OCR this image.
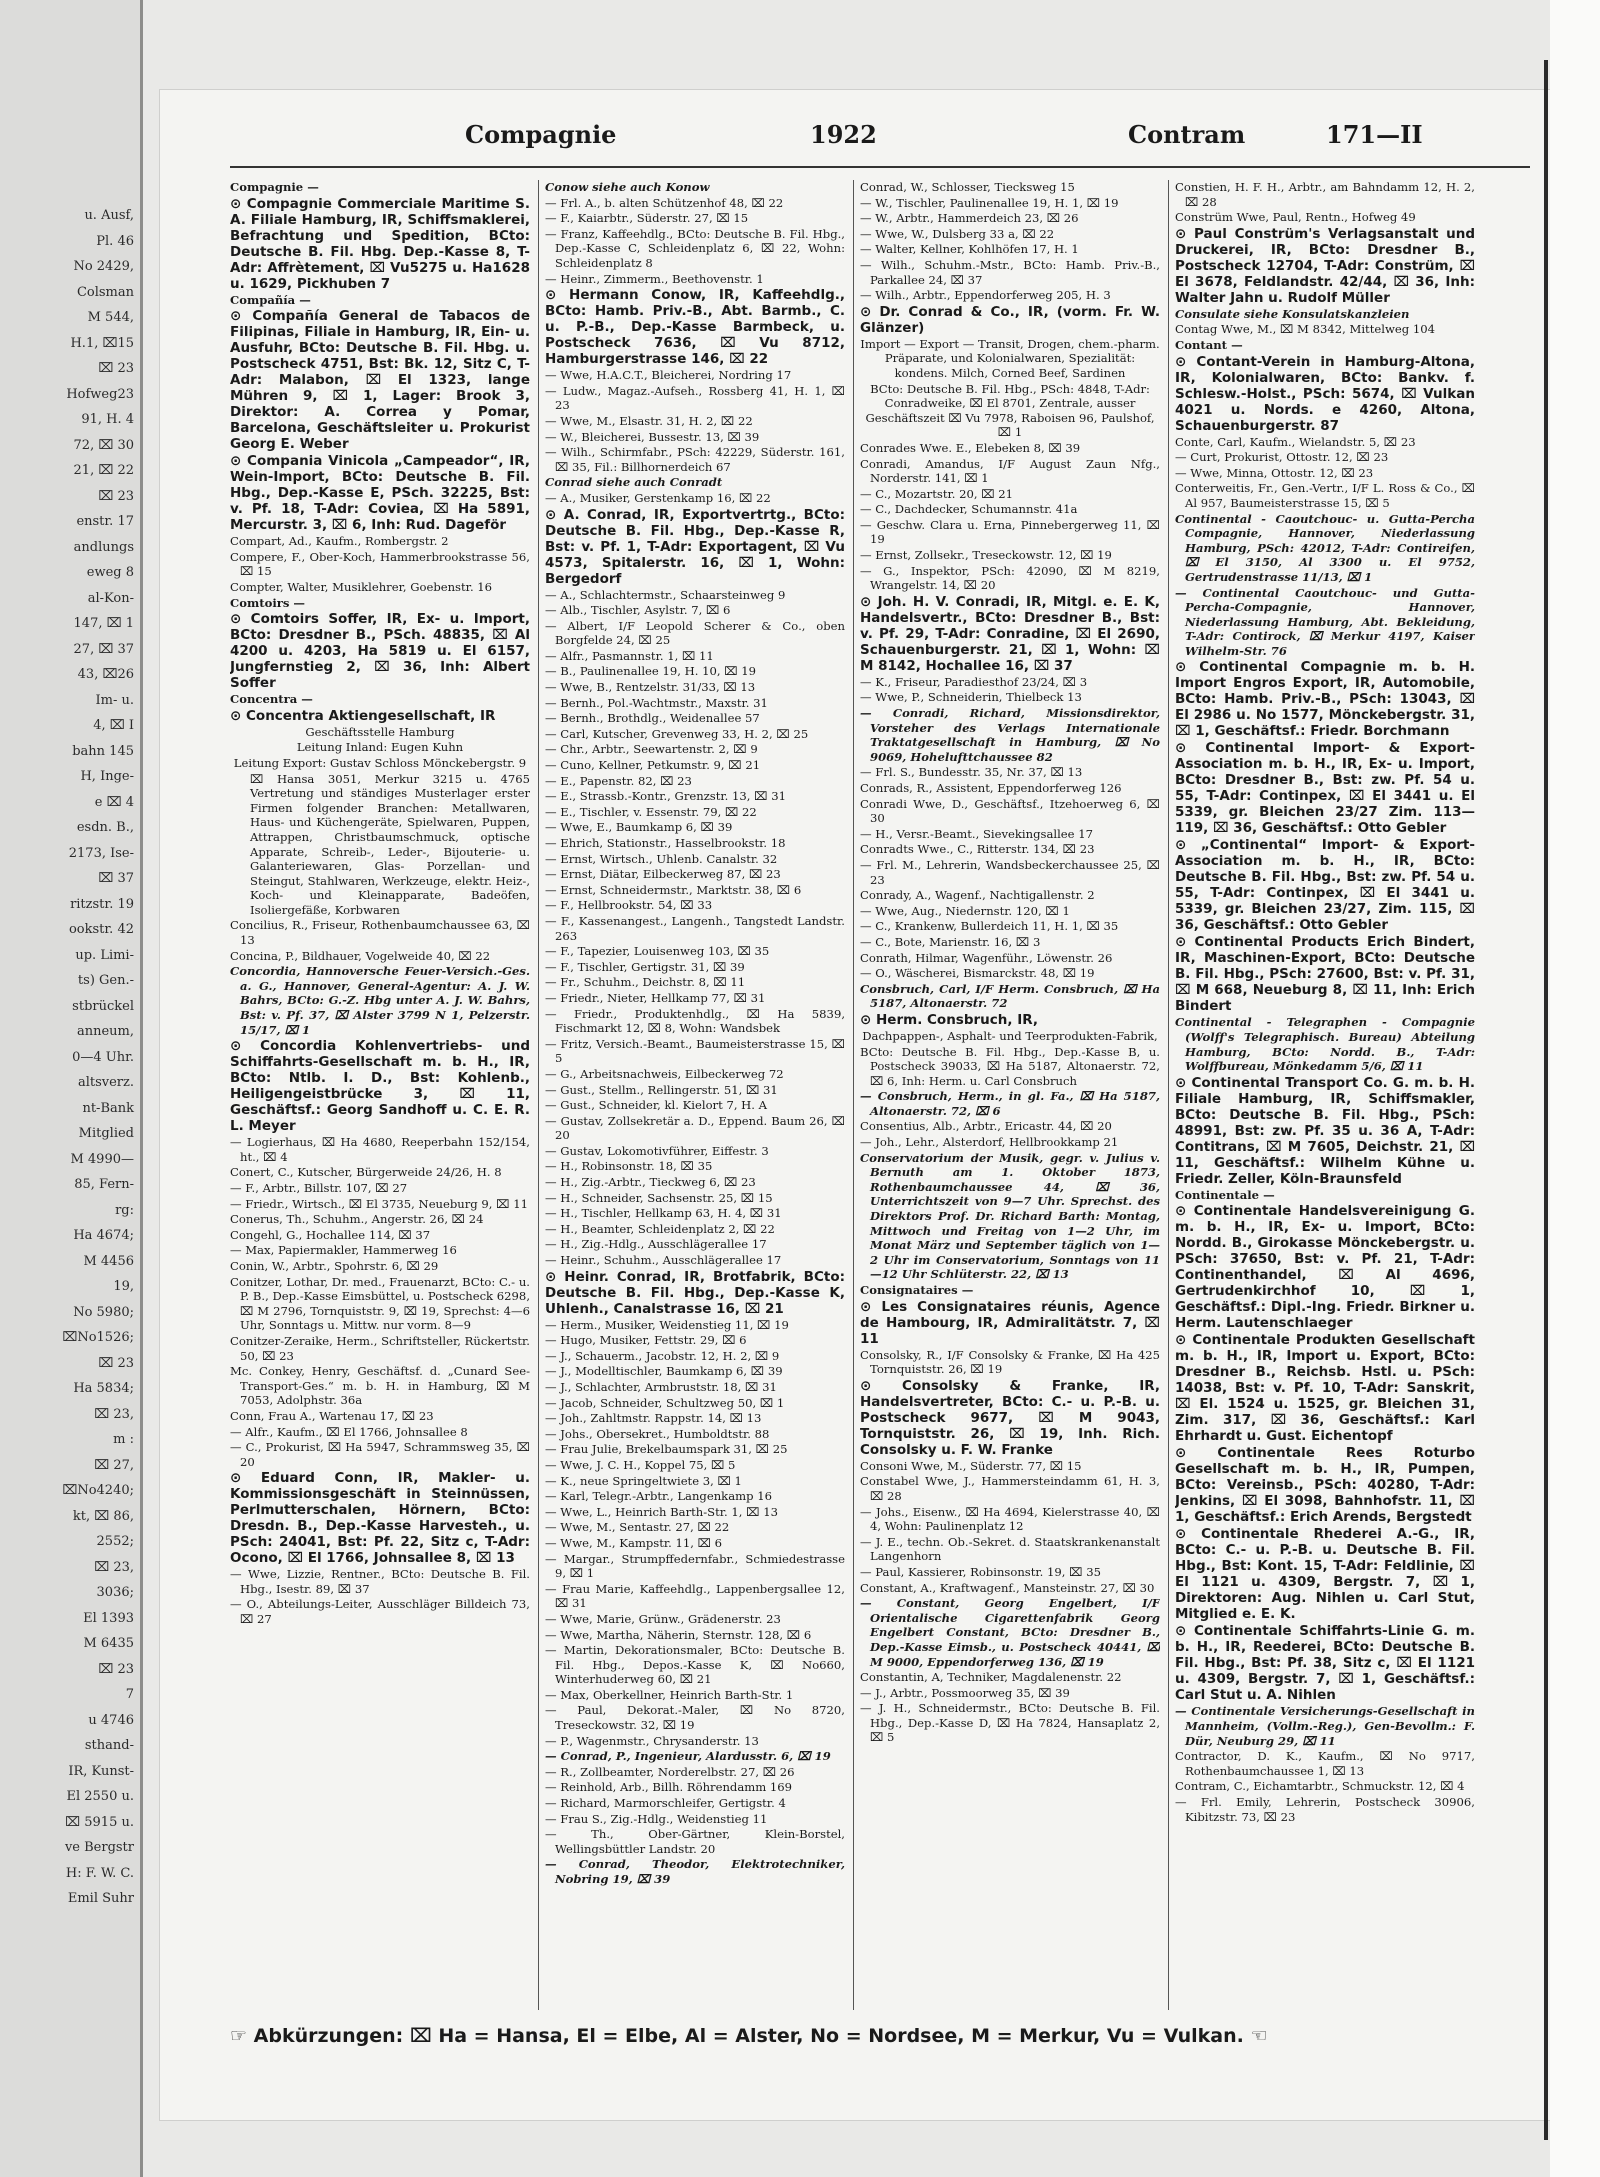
u. Ausf,
Pl. 46
No 2429,
Colsman
M 544,
H.1, ⌧15
⌧ 23
Hofweg23
91, H. 4
72, ⌧ 30
21, ⌧ 22
⌧ 23
enstr. 17
andlungs
eweg 8
al-Kon-
147, ⌧ 1
27, ⌧ 37
43, ⌧26
Im- u.
4, ⌧ I
bahn 145
H, Inge-
e ⌧ 4
esdn. B.,
2173, Ise-
⌧ 37
ritzstr. 19
ookstr. 42
up. Limi-
ts) Gen.-
stbrückel
anneum,
0—4 Uhr.
altsverz.
nt-Bank
Mitglied
M 4990—
85, Fern-
rg:
Ha 4674;
M 4456
19,
No 5980;
⌧No1526;
⌧ 23
Ha 5834;
⌧ 23,
m :
⌧ 27,
⌧No4240;
kt, ⌧ 86,
2552;
⌧ 23,
3036;
El 1393
M 6435
⌧ 23
7
u 4746
sthand-
IR, Kunst-
El 2550 u.
⌧ 5915 u.
ve Bergstr
H: F. W. C.
Emil Suhr
Compagnie	1922	Contram	171—II
Compagnie —
⊙ Compagnie Commerciale Maritime S. A. Filiale Hamburg, IR, Schiffsmaklerei, Befrachtung und Spedition, BCto: Deutsche B. Fil. Hbg. Dep.-Kasse 8, T-Adr: Affrètement, ⌧ Vu5275 u. Ha1628 u. 1629, Pickhuben 7
Compañía —
⊙ Compañía General de Tabacos de Filipinas, Filiale in Hamburg, IR, Ein- u. Ausfuhr, BCto: Deutsche B. Fil. Hbg. u. Postscheck 4751, Bst: Bk. 12, Sitz C, T-Adr: Malabon, ⌧ El 1323, lange Mühren 9, ⌧ 1, Lager: Brook 3, Direktor: A. Correa y Pomar, Barcelona, Geschäftsleiter u. Prokurist Georg E. Weber
⊙ Compania Vinicola „Campeador“, IR, Wein-Import, BCto: Deutsche B. Fil. Hbg., Dep.-Kasse E, PSch. 32225, Bst: v. Pf. 18, T-Adr: Coviea, ⌧ Ha 5891, Mercurstr. 3, ⌧ 6, Inh: Rud. Dageför
Compart, Ad., Kaufm., Rombergstr. 2
Compere, F., Ober-Koch, Hammerbrookstrasse 56, ⌧ 15
Compter, Walter, Musiklehrer, Goebenstr. 16
Comtoirs —
⊙ Comtoirs Soffer, IR, Ex- u. Import, BCto: Dresdner B., PSch. 48835, ⌧ Al 4200 u. 4203, Ha 5819 u. El 6157, Jungfernstieg 2, ⌧ 36, Inh: Albert Soffer
Concentra —
⊙ Concentra Aktiengesellschaft, IR
Geschäftsstelle Hamburg
Leitung Inland: Eugen Kuhn
Leitung Export: Gustav Schloss Mönckebergstr. 9
⌧ Hansa 3051, Merkur 3215 u. 4765 Vertretung und ständiges Musterlager erster Firmen folgender Branchen: Metallwaren, Haus- und Küchengeräte, Spielwaren, Puppen, Attrappen, Christbaumschmuck, optische Apparate, Schreib-, Leder-, Bijouterie- u. Galanteriewaren, Glas- Porzellan- und Steingut, Stahlwaren, Werkzeuge, elektr. Heiz-, Koch- und Kleinapparate, Badeöfen, Isoliergefäße, Korbwaren
Concilius, R., Friseur, Rothenbaumchaussee 63, ⌧ 13
Concina, P., Bildhauer, Vogelweide 40, ⌧ 22
Concordia, Hannoversche Feuer-Versich.-Ges. a. G., Hannover, General-Agentur: A. J. W. Bahrs, BCto: G.-Z. Hbg unter A. J. W. Bahrs, Bst: v. Pf. 37, ⌧ Alster 3799 N 1, Pelzerstr. 15/17, ⌧ 1
⊙ Concordia Kohlenvertriebs- und Schiffahrts-Gesellschaft m. b. H., IR, BCto: Ntlb. I. D., Bst: Kohlenb., Heiligengeistbrücke 3, ⌧ 11, Geschäftsf.: Georg Sandhoff u. C. E. R. L. Meyer
— Logierhaus, ⌧ Ha 4680, Reeperbahn 152/154, ht., ⌧ 4
Conert, C., Kutscher, Bürgerweide 24/26, H. 8
— F., Arbtr., Billstr. 107, ⌧ 27
— Friedr., Wirtsch., ⌧ El 3735, Neueburg 9, ⌧ 11
Conerus, Th., Schuhm., Angerstr. 26, ⌧ 24
Congehl, G., Hochallee 114, ⌧ 37
— Max, Papiermakler, Hammerweg 16
Conin, W., Arbtr., Spohrstr. 6, ⌧ 29
Conitzer, Lothar, Dr. med., Frauenarzt, BCto: C.- u. P. B., Dep.-Kasse Eimsbüttel, u. Postscheck 6298, ⌧ M 2796, Tornquiststr. 9, ⌧ 19, Sprechst: 4—6 Uhr, Sonntags u. Mittw. nur vorm. 8—9
Conitzer-Zeraike, Herm., Schriftsteller, Rückertstr. 50, ⌧ 23
Mc. Conkey, Henry, Geschäftsf. d. „Cunard See-Transport-Ges.“ m. b. H. in Hamburg, ⌧ M 7053, Adolphstr. 36a
Conn, Frau A., Wartenau 17, ⌧ 23
— Alfr., Kaufm., ⌧ El 1766, Johnsallee 8
— C., Prokurist, ⌧ Ha 5947, Schrammsweg 35, ⌧ 20
⊙ Eduard Conn, IR, Makler- u. Kommissionsgeschäft in Steinnüssen, Perlmutterschalen, Hörnern, BCto: Dresdn. B., Dep.-Kasse Harvestеh., u. PSch: 24041, Bst: Pf. 22, Sitz c, T-Adr: Ocono, ⌧ El 1766, Johnsallee 8, ⌧ 13
— Wwe, Lizzie, Rentner., BCto: Deutsche B. Fil. Hbg., Isestr. 89, ⌧ 37
— O., Abteilungs-Leiter, Ausschläger Billdeich 73, ⌧ 27
Conow siehe auch Konow
— Frl. A., b. alten Schützenhof 48, ⌧ 22
— F., Kaiarbtr., Süderstr. 27, ⌧ 15
— Franz, Kaffeehdlg., BCto: Deutsche B. Fil. Hbg., Dep.-Kasse C, Schleidenplatz 6, ⌧ 22, Wohn: Schleidenplatz 8
— Heinr., Zimmerm., Beethovenstr. 1
⊙ Hermann Conow, IR, Kaffeehdlg., BCto: Hamb. Priv.-B., Abt. Barmb., C. u. P.-B., Dep.-Kasse Barmbeck, u. Postscheck 7636, ⌧ Vu 8712, Hamburgerstrasse 146, ⌧ 22
— Wwe, H.A.C.T., Bleicherei, Nordring 17
— Ludw., Magaz.-Aufseh., Rossberg 41, H. 1, ⌧ 23
— Wwe, M., Elsastr. 31, H. 2, ⌧ 22
— W., Bleicherei, Bussestr. 13, ⌧ 39
— Wilh., Schirmfabr., PSch: 42229, Süderstr. 161, ⌧ 35, Fil.: Billhornerdeich 67
Conrad siehe auch Conradt
— A., Musiker, Gerstenkamp 16, ⌧ 22
⊙ A. Conrad, IR, Exportvertrtg., BCto: Deutsche B. Fil. Hbg., Dep.-Kasse R, Bst: v. Pf. 1, T-Adr: Exportagent, ⌧ Vu 4573, Spitalerstr. 16, ⌧ 1, Wohn: Bergedorf
— A., Schlachtermstr., Schaarsteinweg 9
— Alb., Tischler, Asylstr. 7, ⌧ 6
— Albert, I/F Leopold Scherer & Co., oben Borgfelde 24, ⌧ 25
— Alfr., Pasmannstr. 1, ⌧ 11
— B., Paulinenallee 19, H. 10, ⌧ 19
— Wwe, B., Rentzelstr. 31/33, ⌧ 13
— Bernh., Pol.-Wachtmstr., Maxstr. 31
— Bernh., Brothdlg., Weidenallee 57
— Carl, Kutscher, Grevenweg 33, H. 2, ⌧ 25
— Chr., Arbtr., Seewartenstr. 2, ⌧ 9
— Cuno, Kellner, Petkumstr. 9, ⌧ 21
— E., Papenstr. 82, ⌧ 23
— E., Strassb.-Kontr., Grenzstr. 13, ⌧ 31
— E., Tischler, v. Essenstr. 79, ⌧ 22
— Wwe, E., Baumkamp 6, ⌧ 39
— Ehrich, Stationstr., Hasselbrookstr. 18
— Ernst, Wirtsch., Uhlenb. Canalstr. 32
— Ernst, Diätar, Eilbeckerweg 87, ⌧ 23
— Ernst, Schneidermstr., Marktstr. 38, ⌧ 6
— F., Hellbrookstr. 54, ⌧ 33
— F., Kassenangest., Langenh., Tangstedt Landstr. 263
— F., Tapezier, Louisenweg 103, ⌧ 35
— F., Tischler, Gertigstr. 31, ⌧ 39
— Fr., Schuhm., Deichstr. 8, ⌧ 11
— Friedr., Nieter, Hellkamp 77, ⌧ 31
— Friedr., Produktenhdlg., ⌧ Ha 5839, Fischmarkt 12, ⌧ 8, Wohn: Wandsbek
— Fritz, Versich.-Beamt., Baumeisterstrasse 15, ⌧ 5
— G., Arbeitsnachweis, Eilbeckerweg 72
— Gust., Stellm., Rellingerstr. 51, ⌧ 31
— Gust., Schneider, kl. Kielort 7, H. A
— Gustav, Zollsekretär a. D., Eppend. Baum 26, ⌧ 20
— Gustav, Lokomotivführer, Eiffestr. 3
— H., Robinsonstr. 18, ⌧ 35
— H., Zig.-Arbtr., Tieckweg 6, ⌧ 23
— H., Schneider, Sachsenstr. 25, ⌧ 15
— H., Tischler, Hellkamp 63, H. 4, ⌧ 31
— H., Beamter, Schleidenplatz 2, ⌧ 22
— H., Zig.-Hdlg., Ausschlägerallee 17
— Heinr., Schuhm., Ausschlägerallee 17
⊙ Heinr. Conrad, IR, Brotfabrik, BCto: Deutsche B. Fil. Hbg., Dep.-Kasse K, Uhlenh., Canalstrasse 16, ⌧ 21
— Herm., Musiker, Weidenstieg 11, ⌧ 19
— Hugo, Musiker, Fettstr. 29, ⌧ 6
— J., Schauerm., Jacobstr. 12, H. 2, ⌧ 9
— J., Modelltischler, Baumkamp 6, ⌧ 39
— J., Schlachter, Armbruststr. 18, ⌧ 31
— Jacob, Schneider, Schultzweg 50, ⌧ 1
— Joh., Zahltmstr. Rappstr. 14, ⌧ 13
— Johs., Obersekret., Humboldtstr. 88
— Frau Julie, Brekelbaumspark 31, ⌧ 25
— Wwe, J. C. H., Koppel 75, ⌧ 5
— K., neue Springeltwiete 3, ⌧ 1
— Karl, Telegr.-Arbtr., Langenkamp 16
— Wwe, L., Heinrich Barth-Str. 1, ⌧ 13
— Wwe, M., Sentastr. 27, ⌧ 22
— Wwe, M., Kampstr. 11, ⌧ 6
— Margar., Strumpffedernfabr., Schmiedestrasse 9, ⌧ 1
— Frau Marie, Kaffeehdlg., Lappenbergsallee 12, ⌧ 31
— Wwe, Marie, Grünw., Grädenerstr. 23
— Wwe, Martha, Näherin, Sternstr. 128, ⌧ 6
— Martin, Dekorationsmaler, BCto: Deutsche B. Fil. Hbg., Depos.-Kasse K, ⌧ No660, Winterhuderweg 60, ⌧ 21
— Max, Oberkellner, Heinrich Barth-Str. 1
— Paul, Dekorat.-Maler, ⌧ No 8720, Treseckowstr. 32, ⌧ 19
— P., Wagenmstr., Chrysanderstr. 13
— Conrad, P., Ingenieur, Alardusstr. 6, ⌧ 19
— R., Zollbeamter, Norderelbstr. 27, ⌧ 26
— Reinhold, Arb., Billh. Röhrendamm 169
— Richard, Marmorschleifer, Gertigstr. 4
— Frau S., Zig.-Hdlg., Weidenstieg 11
— Th., Ober-Gärtner, Klein-Borstel, Wellingsbüttler Landstr. 20
— Conrad, Theodor, Elektrotechniker, Nobring 19, ⌧ 39
Conrad, W., Schlosser, Tiecksweg 15
— W., Tischler, Paulinenallee 19, H. 1, ⌧ 19
— W., Arbtr., Hammerdeich 23, ⌧ 26
— Wwe, W., Dulsberg 33 a, ⌧ 22
— Walter, Kellner, Kohlhöfen 17, H. 1
— Wilh., Schuhm.-Mstr., BCto: Hamb. Priv.-B., Parkallee 24, ⌧ 37
— Wilh., Arbtr., Eppendorferweg 205, H. 3
⊙ Dr. Conrad & Co., IR, (vorm. Fr. W. Glänzer)
Import — Export — Transit, Drogen, chem.-pharm. Präparate, und Kolonialwaren, Spezialität: kondens. Milch, Corned Beef, Sardinen
BCto: Deutsche B. Fil. Hbg., PSch: 4848, T-Adr: Conradweike, ⌧ El 8701, Zentrale, ausser Geschäftszeit ⌧ Vu 7978, Raboisen 96, Paulshof, ⌧ 1
Conrades Wwe. E., Elebeken 8, ⌧ 39
Conradi, Amandus, I/F August Zaun Nfg., Norderstr. 141, ⌧ 1
— C., Mozartstr. 20, ⌧ 21
— C., Dachdecker, Schumannstr. 41a
— Geschw. Clara u. Erna, Pinnebergerweg 11, ⌧ 19
— Ernst, Zollsekr., Treseckowstr. 12, ⌧ 19
— G., Inspektor, PSch: 42090, ⌧ M 8219, Wrangelstr. 14, ⌧ 20
⊙ Joh. H. V. Conradi, IR, Mitgl. e. E. K, Handelsvertr., BCto: Dresdner B., Bst: v. Pf. 29, T-Adr: Conradine, ⌧ El 2690, Schauenburgerstr. 21, ⌧ 1, Wohn: ⌧ M 8142, Hochallee 16, ⌧ 37
— K., Friseur, Paradiesthof 23/24, ⌧ 3
— Wwe, P., Schneiderin, Thielbeck 13
— Conradi, Richard, Missionsdirektor, Vorsteher des Verlags Internationale Traktatgesellschaft in Hamburg, ⌧ No 9069, Hohelufttchaussee 82
— Frl. S., Bundesstr. 35, Nr. 37, ⌧ 13
Conrads, R., Assistent, Eppendorferweg 126
Conradi Wwe, D., Geschäftsf., Itzehoerweg 6, ⌧ 30
— H., Versr.-Beamt., Sievekingsallee 17
Conradts Wwe., C., Ritterstr. 134, ⌧ 23
— Frl. M., Lehrerin, Wandsbeckerchaussee 25, ⌧ 23
Conrady, A., Wagenf., Nachtigallenstr. 2
— Wwe, Aug., Niedernstr. 120, ⌧ 1
— C., Krankenw, Bullerdeich 11, H. 1, ⌧ 35
— C., Bote, Marienstr. 16, ⌧ 3
Conrath, Hilmar, Wagenführ., Löwenstr. 26
— O., Wäscherei, Bismarckstr. 48, ⌧ 19
Consbruch, Carl, I/F Herm. Consbruch, ⌧ Ha 5187, Altonaerstr. 72
⊙ Herm. Consbruch, IR,
Dachpappen-, Asphalt- und Teerprodukten-Fabrik,
BCto: Deutsche B. Fil. Hbg., Dep.-Kasse B, u. Postscheck 39033, ⌧ Ha 5187, Altonaerstr. 72, ⌧ 6, Inh: Herm. u. Carl Consbruch
— Consbruch, Herm., in gl. Fa., ⌧ Ha 5187, Altonaerstr. 72, ⌧ 6
Consentius, Alb., Arbtr., Ericastr. 44, ⌧ 20
— Joh., Lehr., Alsterdorf, Hellbrookkamp 21
Conservatorium der Musik, gegr. v. Julius v. Bernuth am 1. Oktober 1873, Rothenbaumchaussee 44, ⌧ 36, Unterrichtszeit von 9—7 Uhr. Sprechst. des Direktors Prof. Dr. Richard Barth: Montag, Mittwoch und Freitag von 1—2 Uhr, im Monat März und September täglich von 1—2 Uhr im Conservatorium, Sonntags von 11—12 Uhr Schlüterstr. 22, ⌧ 13
Consignataires —
⊙ Les Consignataires réunis, Agence de Hambourg, IR, Admiralitätstr. 7, ⌧ 11
Consolsky, R., I/F Consolsky & Franke, ⌧ Ha 425 Tornquiststr. 26, ⌧ 19
⊙ Consolsky & Franke, IR, Handelsvertreter, BCto: C.- u. P.-B. u. Postscheck 9677, ⌧ M 9043, Tornquiststr. 26, ⌧ 19, Inh. Rich. Consolsky u. F. W. Franke
Consoni Wwe, M., Süderstr. 77, ⌧ 15
Constabel Wwe, J., Hammersteindamm 61, H. 3, ⌧ 28
— Johs., Eisenw., ⌧ Ha 4694, Kielerstrasse 40, ⌧ 4, Wohn: Paulinenplatz 12
— J. E., techn. Ob.-Sekret. d. Staatskrankenanstalt Langenhorn
— Paul, Kassierer, Robinsonstr. 19, ⌧ 35
Constant, A., Kraftwagenf., Mansteinstr. 27, ⌧ 30
— Constant, Georg Engelbert, I/F Orientalische Cigarettenfabrik Georg Engelbert Constant, BCto: Dresdner B., Dep.-Kasse Eimsb., u. Postscheck 40441, ⌧ M 9000, Eppendorferweg 136, ⌧ 19
Constantin, A, Techniker, Magdalenenstr. 22
— J., Arbtr., Possmoorweg 35, ⌧ 39
— J. H., Schneidermstr., BCto: Deutsche B. Fil. Hbg., Dep.-Kasse D, ⌧ Ha 7824, Hansaplatz 2, ⌧ 5
Constien, H. F. H., Arbtr., am Bahndamm 12, H. 2, ⌧ 28
Constrüm Wwe, Paul, Rentn., Hofweg 49
⊙ Paul Constrüm's Verlagsanstalt und Druckerei, IR, BCto: Dresdner B., Postscheck 12704, T-Adr: Constrüm, ⌧ El 3678, Feldlandstr. 42/44, ⌧ 36, Inh: Walter Jahn u. Rudolf Müller
Consulate siehe Konsulatskanzleien
Contag Wwe, M., ⌧ M 8342, Mittelweg 104
Contant —
⊙ Contant-Verein in Hamburg-Altona, IR, Kolonialwaren, BCto: Bankv. f. Schlesw.-Holst., PSch: 5674, ⌧ Vulkan 4021 u. Nords. e 4260, Altona, Schauenburgerstr. 87
Conte, Carl, Kaufm., Wielandstr. 5, ⌧ 23
— Curt, Prokurist, Ottostr. 12, ⌧ 23
— Wwe, Minna, Ottostr. 12, ⌧ 23
Conterweitis, Fr., Gen.-Vertr., I/F L. Ross & Co., ⌧ Al 957, Baumeisterstrasse 15, ⌧ 5
Continental - Caoutchouc- u. Gutta-Percha Compagnie, Hannover, Niederlassung Hamburg, PSch: 42012, T-Adr: Contireifen, ⌧ El 3150, Al 3300 u. El 9752, Gertrudenstrasse 11/13, ⌧ 1
— Continental Caoutchouc- und Gutta-Percha-Compagnie, Hannover, Niederlassung Hamburg, Abt. Bekleidung, T-Adr: Contirock, ⌧ Merkur 4197, Kaiser Wilhelm-Str. 76
⊙ Continental Compagnie m. b. H. Import Engros Export, IR, Automobile, BCto: Hamb. Priv.-B., PSch: 13043, ⌧ El 2986 u. No 1577, Mönckebergstr. 31, ⌧ 1, Geschäftsf.: Friedr. Borchmann
⊙ Continental Import- & Export-Association m. b. H., IR, Ex- u. Import, BCto: Dresdner B., Bst: zw. Pf. 54 u. 55, T-Adr: Continpex, ⌧ El 3441 u. El 5339, gr. Bleichen 23/27 Zim. 113—119, ⌧ 36, Geschäftsf.: Otto Gebler
⊙ „Continental“ Import- & Export-Association m. b. H., IR, BCto: Deutsche B. Fil. Hbg., Bst: zw. Pf. 54 u. 55, T-Adr: Continpex, ⌧ El 3441 u. 5339, gr. Bleichen 23/27, Zim. 115, ⌧ 36, Geschäftsf.: Otto Gebler
⊙ Continental Products Erich Bindert, IR, Maschinen-Export, BCto: Deutsche B. Fil. Hbg., PSch: 27600, Bst: v. Pf. 31, ⌧ M 668, Neueburg 8, ⌧ 11, Inh: Erich Bindert
Continental - Telegraphen - Compagnie (Wolff's Telegraphisch. Bureau) Abteilung Hamburg, BCto: Nordd. B., T-Adr: Wolffbureau, Mönkedamm 5/6, ⌧ 11
⊙ Continental Transport Co. G. m. b. H. Filiale Hamburg, IR, Schiffsmakler, BCto: Deutsche B. Fil. Hbg., PSch: 48991, Bst: zw. Pf. 35 u. 36 A, T-Adr: Contitrans, ⌧ M 7605, Deichstr. 21, ⌧ 11, Geschäftsf.: Wilhelm Kühne u. Friedr. Zeller, Köln-Braunsfeld
Continentale —
⊙ Continentale Handelsvereinigung G. m. b. H., IR, Ex- u. Import, BCto: Nordd. B., Girokasse Mönckebergstr. u. PSch: 37650, Bst: v. Pf. 21, T-Adr: Continenthandel, ⌧ Al 4696, Gertrudenkirchhof 10, ⌧ 1, Geschäftsf.: Dipl.-Ing. Friedr. Birkner u. Herm. Lautenschlaeger
⊙ Continentale Produkten Gesellschaft m. b. H., IR, Import u. Export, BCto: Dresdner B., Reichsb. Hstl. u. PSch: 14038, Bst: v. Pf. 10, T-Adr: Sanskrit, ⌧ El. 1524 u. 1525, gr. Bleichen 31, Zim. 317, ⌧ 36, Geschäftsf.: Karl Ehrhardt u. Gust. Eichentopf
⊙ Continentale Rees Roturbo Gesellschaft m. b. H., IR, Pumpen, BCto: Vereinsb., PSch: 40280, T-Adr: Jenkins, ⌧ El 3098, Bahnhofstr. 11, ⌧ 1, Geschäftsf.: Erich Arends, Bergstedt
⊙ Continentale Rhederei A.-G., IR, BCto: C.- u. P.-B. u. Deutsche B. Fil. Hbg., Bst: Kont. 15, T-Adr: Feldlinie, ⌧ El 1121 u. 4309, Bergstr. 7, ⌧ 1, Direktoren: Aug. Nihlen u. Carl Stut, Mitglied e. E. K.
⊙ Continentale Schiffahrts-Linie G. m. b. H., IR, Reederei, BCto: Deutsche B. Fil. Hbg., Bst: Pf. 38, Sitz c, ⌧ El 1121 u. 4309, Bergstr. 7, ⌧ 1, Geschäftsf.: Carl Stut u. A. Nihlen
— Continentale Versicherungs-Gesellschaft in Mannheim, (Vollm.-Reg.), Gen-Bevollm.: F. Dür, Neuburg 29, ⌧ 11
Contractor, D. K., Kaufm., ⌧ No 9717, Rothenbaumchaussee 1, ⌧ 13
Contram, C., Eichamtarbtr., Schmuckstr. 12, ⌧ 4
— Frl. Emily, Lehrerin, Postscheck 30906, Kibitzstr. 73, ⌧ 23
☞ Abkürzungen: ⌧ Ha = Hansa, El = Elbe, Al = Alster, No = Nordsee, M = Merkur, Vu = Vulkan. ☜
